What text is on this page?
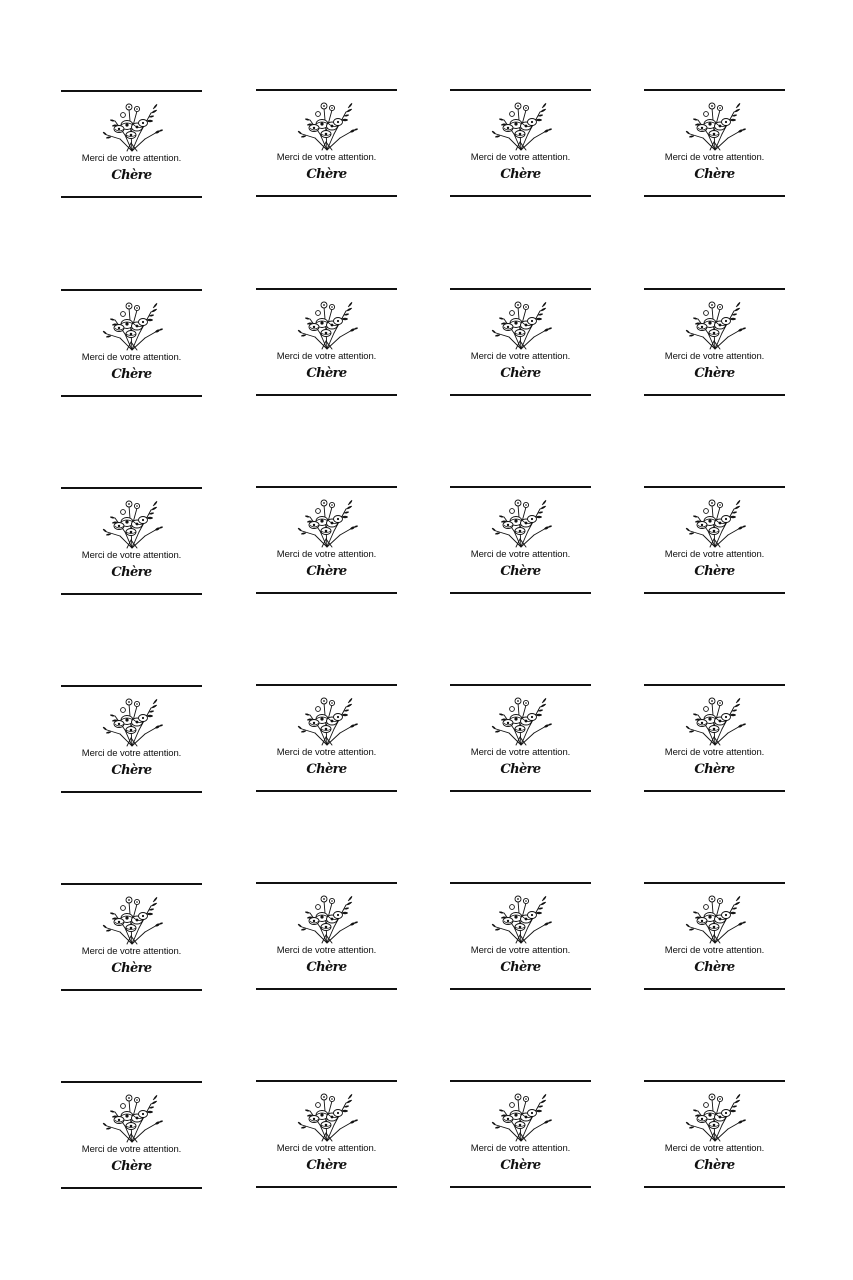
Merci de votre attention.
Chère
Merci de votre attention.
Chère
Merci de votre attention.
Chère
Merci de votre attention.
Chère
Merci de votre attention.
Chère
Merci de votre attention.
Chère
Merci de votre attention.
Chère
Merci de votre attention.
Chère
Merci de votre attention.
Chère
Merci de votre attention.
Chère
Merci de votre attention.
Chère
Merci de votre attention.
Chère
Merci de votre attention.
Chère
Merci de votre attention.
Chère
Merci de votre attention.
Chère
Merci de votre attention.
Chère
Merci de votre attention.
Chère
Merci de votre attention.
Chère
Merci de votre attention.
Chère
Merci de votre attention.
Chère
Merci de votre attention.
Chère
Merci de votre attention.
Chère
Merci de votre attention.
Chère
Merci de votre attention.
Chère
